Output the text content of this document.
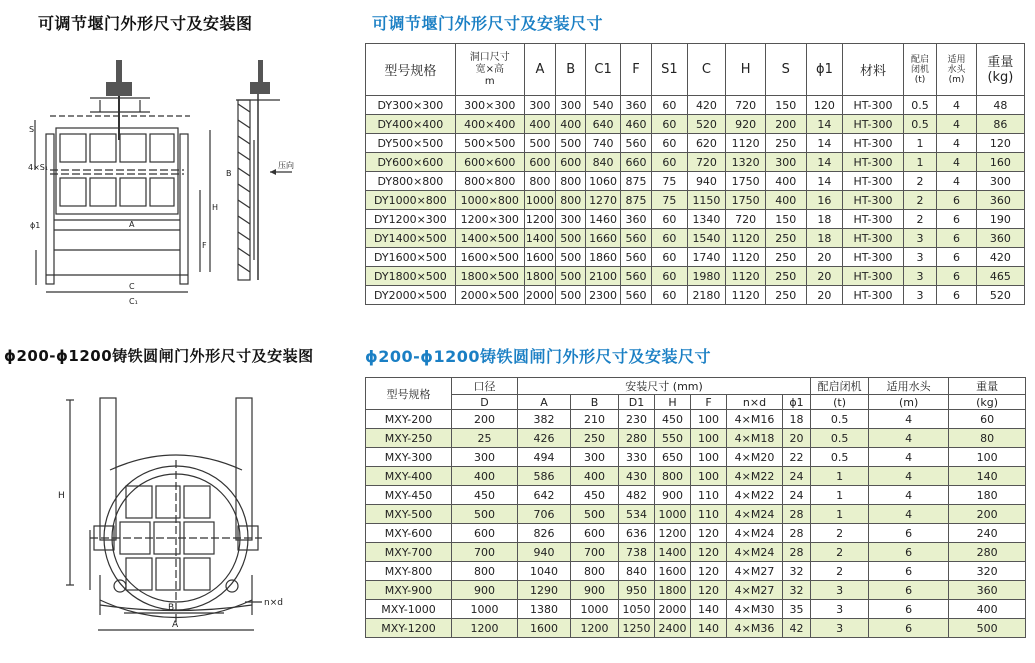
可调节堰门外形尺寸及安装图	可调节堰门外形尺寸及安装尺寸
S
4×S₁
ϕ1	A
C
C₁
H
F
B
压向
型号规格	洞口尺寸
宽×高
m	A	B	C1	F	S1	C	H	S	ϕ1	材料	配启
闭机
(t)	适用
水头
(m)	重量
(kg)
DY300×300	300×300	300	300	540	360	60	420	720	150	120	HT-300	0.5	4	48
DY400×400	400×400	400	400	640	460	60	520	920	200	14	HT-300	0.5	4	86
DY500×500	500×500	500	500	740	560	60	620	1120	250	14	HT-300	1	4	120
DY600×600	600×600	600	600	840	660	60	720	1320	300	14	HT-300	1	4	160
DY800×800	800×800	800	800	1060	875	75	940	1750	400	14	HT-300	2	4	300
DY1000×800	1000×800	1000	800	1270	875	75	1150	1750	400	16	HT-300	2	6	360
DY1200×300	1200×300	1200	300	1460	360	60	1340	720	150	18	HT-300	2	6	190
DY1400×500	1400×500	1400	500	1660	560	60	1540	1120	250	18	HT-300	3	6	360
DY1600×500	1600×500	1600	500	1860	560	60	1740	1120	250	20	HT-300	3	6	420
DY1800×500	1800×500	1800	500	2100	560	60	1980	1120	250	20	HT-300	3	6	465
DY2000×500	2000×500	2000	500	2300	560	60	2180	1120	250	20	HT-300	3	6	520
ϕ200-ϕ1200铸铁圆闸门外形尺寸及安装图	ϕ200-ϕ1200铸铁圆闸门外形尺寸及安装尺寸
H
B
A
n×d
型号规格	口径	安装尺寸 (mm)							配启闭机	适用水头	重量
	D	A	B	D1	H	F	n×d	ϕ1	(t)	(m)	(kg)
MXY-200	200	382	210	230	450	100	4×M16	18	0.5	4	60
MXY-250	25	426	250	280	550	100	4×M18	20	0.5	4	80
MXY-300	300	494	300	330	650	100	4×M20	22	0.5	4	100
MXY-400	400	586	400	430	800	100	4×M22	24	1	4	140
MXY-450	450	642	450	482	900	110	4×M22	24	1	4	180
MXY-500	500	706	500	534	1000	110	4×M24	28	1	4	200
MXY-600	600	826	600	636	1200	120	4×M24	28	2	6	240
MXY-700	700	940	700	738	1400	120	4×M24	28	2	6	280
MXY-800	800	1040	800	840	1600	120	4×M27	32	2	6	320
MXY-900	900	1290	900	950	1800	120	4×M27	32	3	6	360
MXY-1000	1000	1380	1000	1050	2000	140	4×M30	35	3	6	400
MXY-1200	1200	1600	1200	1250	2400	140	4×M36	42	3	6	500
